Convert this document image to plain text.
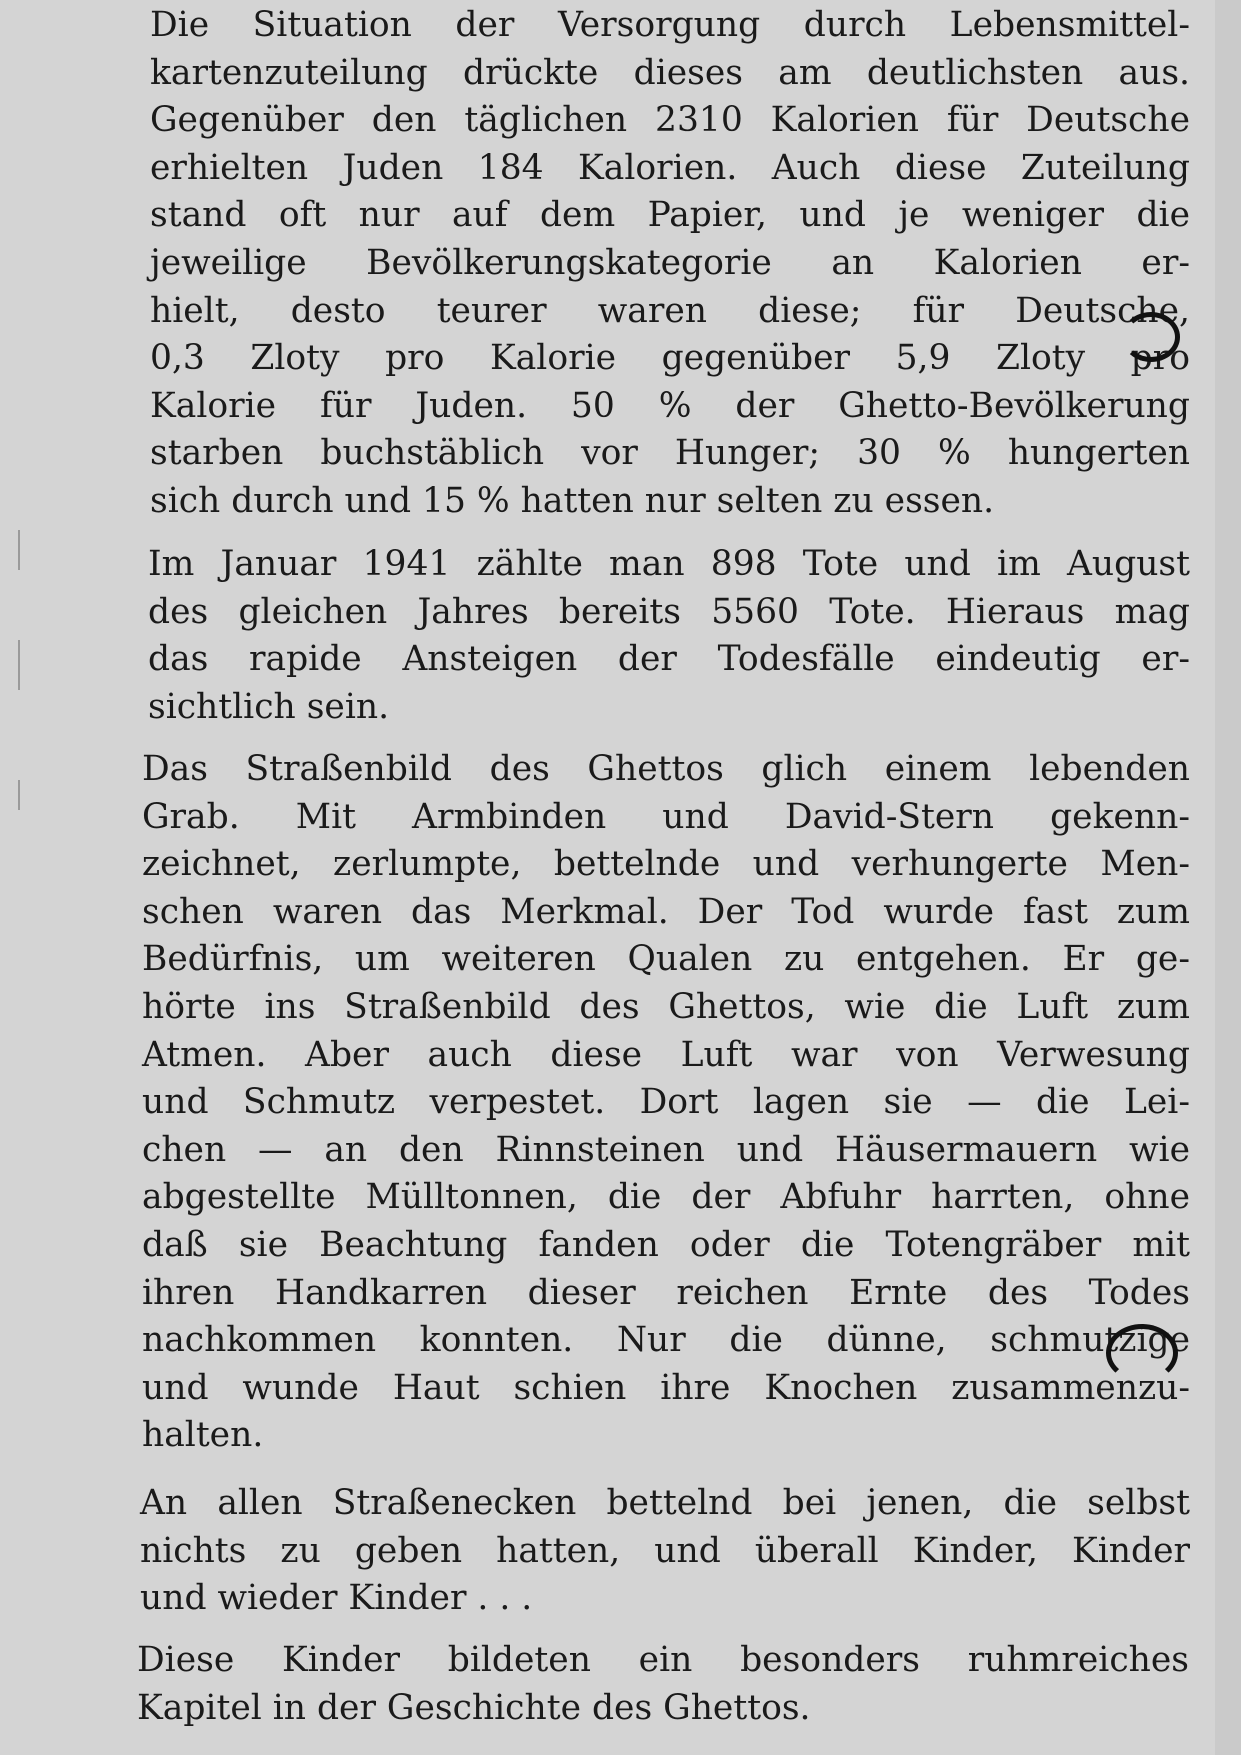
Die Situation der Versorgung durch Lebensmittel-
kartenzuteilung drückte dieses am deutlichsten aus.
Gegenüber den täglichen 2310 Kalorien für Deutsche
erhielten Juden 184 Kalorien. Auch diese Zuteilung
stand oft nur auf dem Papier, und je weniger die
jeweilige Bevölkerungskategorie an Kalorien er-
hielt, desto teurer waren diese; für Deutsche,
0,3 Zloty pro Kalorie gegenüber 5,9 Zloty pro
Kalorie für Juden. 50 % der Ghetto-Bevölkerung
starben buchstäblich vor Hunger; 30 % hungerten
sich durch und 15 % hatten nur selten zu essen.
Im Januar 1941 zählte man 898 Tote und im August
des gleichen Jahres bereits 5560 Tote. Hieraus mag
das rapide Ansteigen der Todesfälle eindeutig er-
sichtlich sein.
Das Straßenbild des Ghettos glich einem lebenden
Grab. Mit Armbinden und David-Stern gekenn-
zeichnet, zerlumpte, bettelnde und verhungerte Men-
schen waren das Merkmal. Der Tod wurde fast zum
Bedürfnis, um weiteren Qualen zu entgehen. Er ge-
hörte ins Straßenbild des Ghettos, wie die Luft zum
Atmen. Aber auch diese Luft war von Verwesung
und Schmutz verpestet. Dort lagen sie — die Lei-
chen — an den Rinnsteinen und Häusermauern wie
abgestellte Mülltonnen, die der Abfuhr harrten, ohne
daß sie Beachtung fanden oder die Totengräber mit
ihren Handkarren dieser reichen Ernte des Todes
nachkommen konnten. Nur die dünne, schmutzige
und wunde Haut schien ihre Knochen zusammenzu-
halten.
An allen Straßenecken bettelnd bei jenen, die selbst
nichts zu geben hatten, und überall Kinder, Kinder
und wieder Kinder . . .
Diese Kinder bildeten ein besonders ruhmreiches
Kapitel in der Geschichte des Ghettos.
